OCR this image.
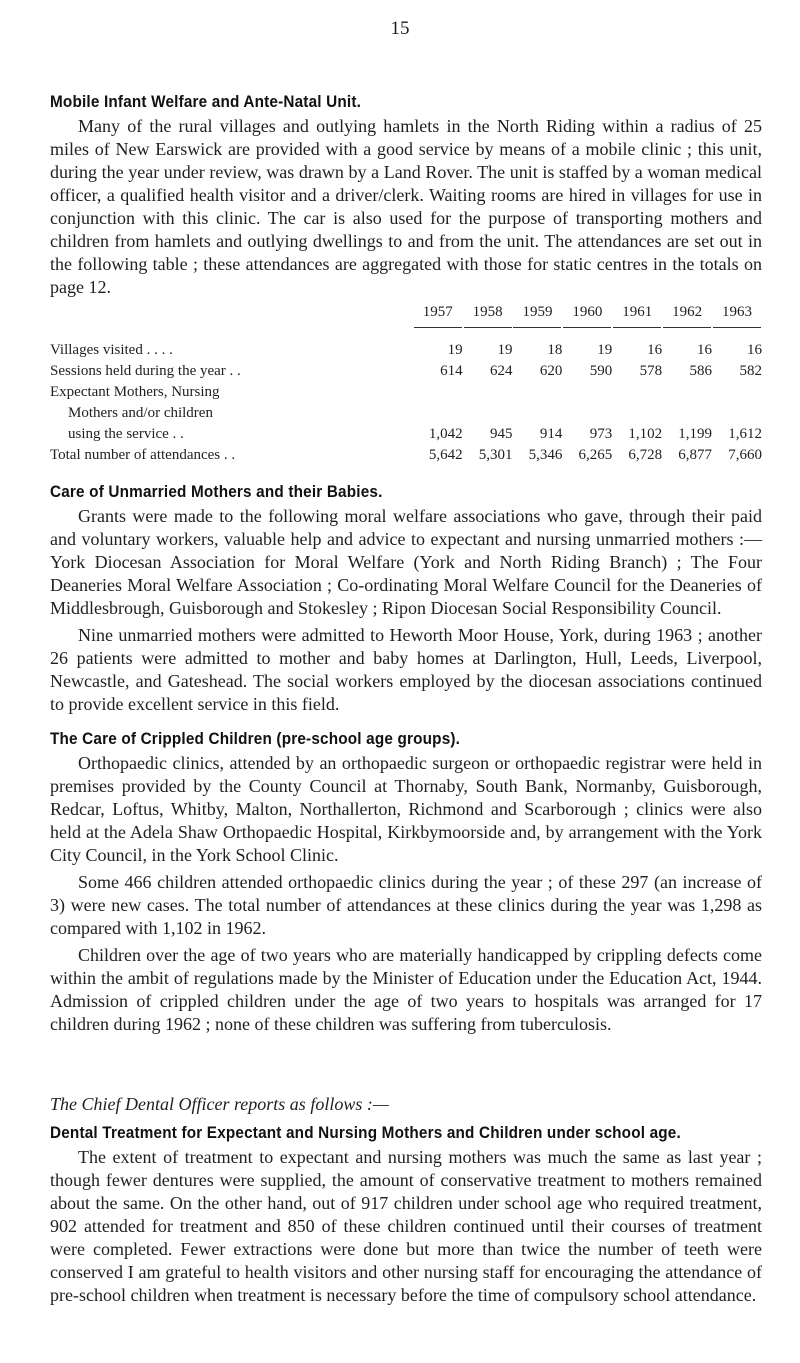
15
Mobile Infant Welfare and Ante-Natal Unit.

Many of the rural villages and outlying hamlets in the North Riding within a radius of 25 miles of New Earswick are provided with a good service by means of a mobile clinic ; this unit, during the year under review, was drawn by a Land Rover. The unit is staffed by a woman medical officer, a qualified health visitor and a driver/clerk. Waiting rooms are hired in villages for use in conjunction with this clinic. The car is also used for the purpose of transporting mothers and children from hamlets and outlying dwellings to and from the unit. The attendances are set out in the following table ; these attendances are aggregated with those for static centres in the totals on page 12.

	1957	1958	1959	1960	1961	1962	1963

Villages visited . . . .	19	19	18	19	16	16	16
Sessions held during the year . .	614	624	620	590	578	586	582
Expectant Mothers, Nursing							
Mothers and/or children							
using the service . .	1,042	945	914	973	1,102	1,199	1,612
Total number of attendances . .	5,642	5,301	5,346	6,265	6,728	6,877	7,660
Care of Unmarried Mothers and their Babies.

Grants were made to the following moral welfare associations who gave, through their paid and voluntary workers, valuable help and advice to expectant and nursing unmarried mothers :—York Diocesan Association for Moral Welfare (York and North Riding Branch) ; The Four Deaneries Moral Welfare Association ; Co-ordinating Moral Welfare Council for the Deaneries of Middlesbrough, Guisborough and Stokesley ; Ripon Diocesan Social Responsibility Council.

Nine unmarried mothers were admitted to Heworth Moor House, York, during 1963 ; another 26 patients were admitted to mother and baby homes at Darlington, Hull, Leeds, Liverpool, Newcastle, and Gateshead. The social workers employed by the diocesan associations continued to provide excellent service in this field.

The Care of Crippled Children (pre-school age groups).

Orthopaedic clinics, attended by an orthopaedic surgeon or orthopaedic registrar were held in premises provided by the County Council at Thornaby, South Bank, Normanby, Guisborough, Redcar, Loftus, Whitby, Malton, Northallerton, Richmond and Scarborough ; clinics were also held at the Adela Shaw Orthopaedic Hospital, Kirkbymoorside and, by arrangement with the York City Council, in the York School Clinic.

Some 466 children attended orthopaedic clinics during the year ; of these 297 (an increase of 3) were new cases. The total number of attendances at these clinics during the year was 1,298 as compared with 1,102 in 1962.

Children over the age of two years who are materially handicapped by crippling defects come within the ambit of regulations made by the Minister of Education under the Education Act, 1944. Admission of crippled children under the age of two years to hospitals was arranged for 17 children during 1962 ; none of these children was suffering from tuberculosis.

The Chief Dental Officer reports as follows :—
Dental Treatment for Expectant and Nursing Mothers and Children under school age.

The extent of treatment to expectant and nursing mothers was much the same as last year ; though fewer dentures were supplied, the amount of conservative treatment to mothers remained about the same. On the other hand, out of 917 children under school age who required treatment, 902 attended for treatment and 850 of these children continued until their courses of treatment were completed. Fewer extractions were done but more than twice the number of teeth were conserved I am grateful to health visitors and other nursing staff for encouraging the attendance of pre-school children when treatment is necessary before the time of compulsory school attendance.
